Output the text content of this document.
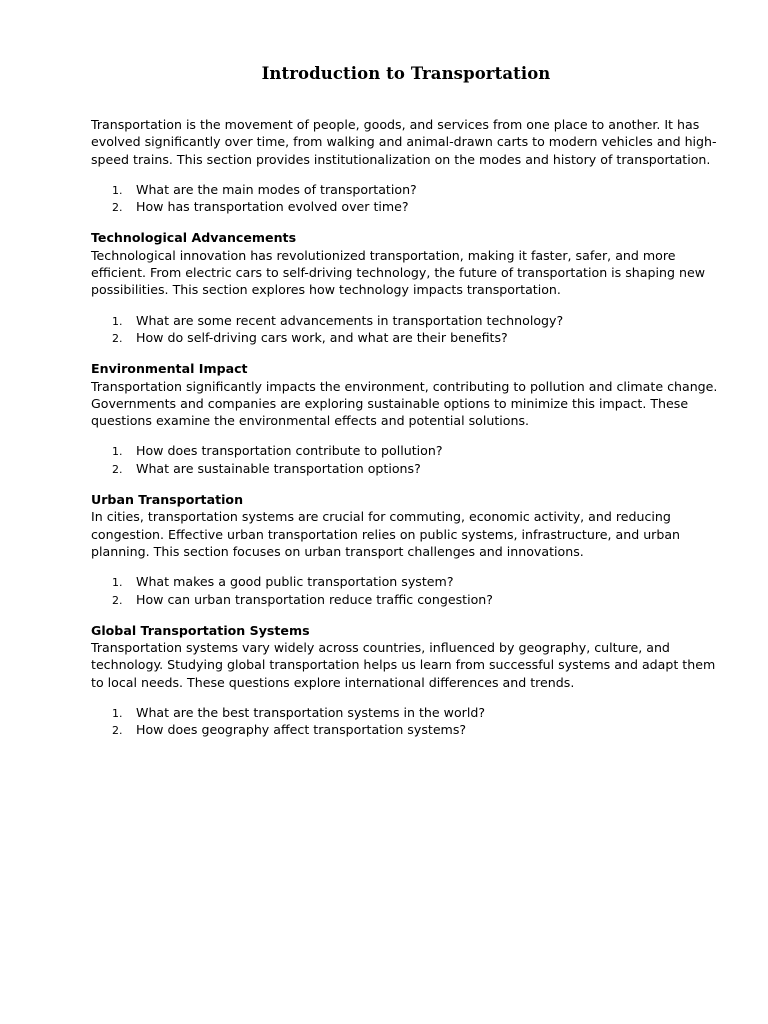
Introduction to Transportation

Transportation is the movement of people, goods, and services from one place to another. It has evolved significantly over time, from walking and animal-drawn carts to modern vehicles and high-speed trains. This section provides institutionalization on the modes and history of transportation.

1. What are the main modes of transportation?
2. How has transportation evolved over time?
Technological Advancements

Technological innovation has revolutionized transportation, making it faster, safer, and more efficient. From electric cars to self-driving technology, the future of transportation is shaping new possibilities. This section explores how technology impacts transportation.

1. What are some recent advancements in transportation technology?
2. How do self-driving cars work, and what are their benefits?
Environmental Impact

Transportation significantly impacts the environment, contributing to pollution and climate change. Governments and companies are exploring sustainable options to minimize this impact. These questions examine the environmental effects and potential solutions.

1. How does transportation contribute to pollution?
2. What are sustainable transportation options?
Urban Transportation

In cities, transportation systems are crucial for commuting, economic activity, and reducing congestion. Effective urban transportation relies on public systems, infrastructure, and urban planning. This section focuses on urban transport challenges and innovations.

1. What makes a good public transportation system?
2. How can urban transportation reduce traffic congestion?
Global Transportation Systems

Transportation systems vary widely across countries, influenced by geography, culture, and technology. Studying global transportation helps us learn from successful systems and adapt them to local needs. These questions explore international differences and trends.

1. What are the best transportation systems in the world?
2. How does geography affect transportation systems?
